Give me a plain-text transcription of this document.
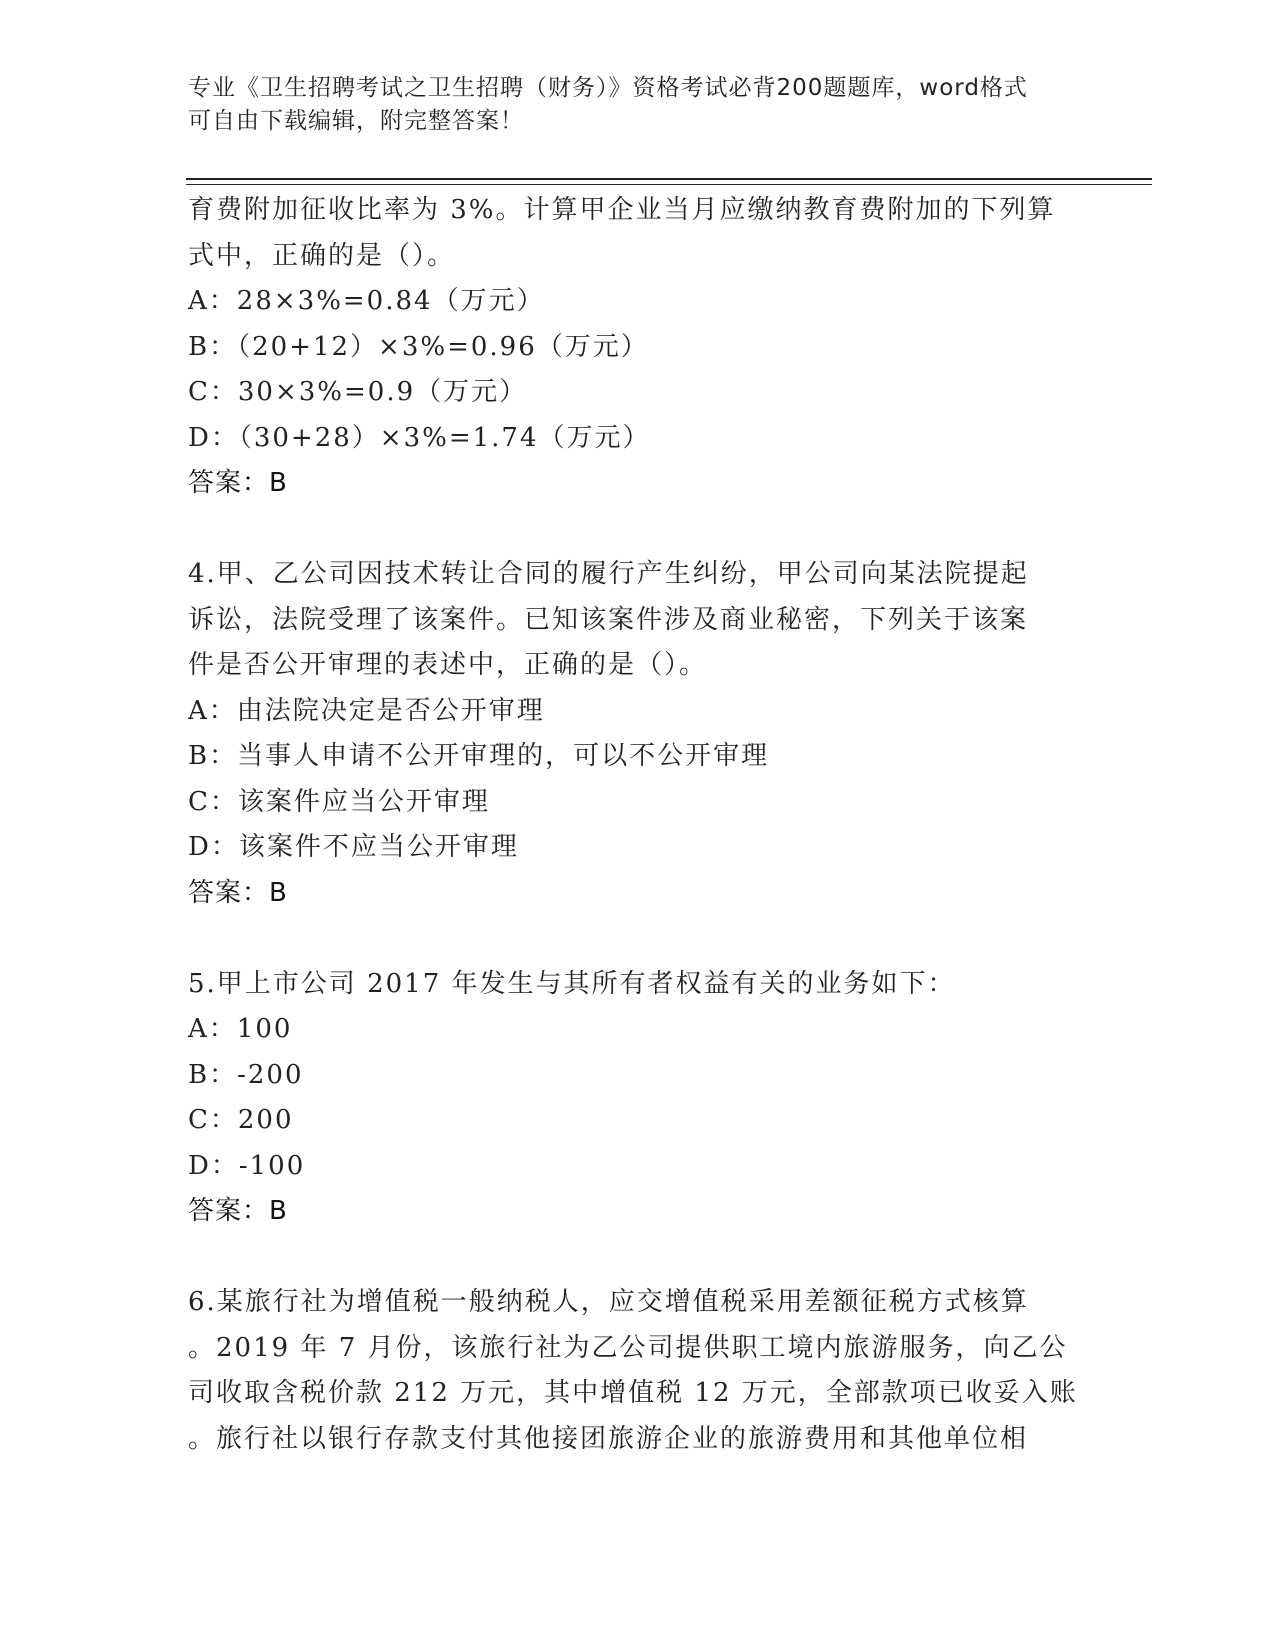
专业《卫生招聘考试之卫生招聘（财务）》资格考试必背200题题库，word格式
可自由下载编辑，附完整答案！
育费附加征收比率为 3%。计算甲企业当月应缴纳教育费附加的下列算
式中，正确的是（）。
A：28×3%=0.84（万元）
B：（20+12）×3%=0.96（万元）
C：30×3%=0.9（万元）
D：（30+28）×3%=1.74（万元）
答案：B
4.甲、乙公司因技术转让合同的履行产生纠纷，甲公司向某法院提起
诉讼，法院受理了该案件。已知该案件涉及商业秘密，下列关于该案
件是否公开审理的表述中，正确的是（）。
A：由法院决定是否公开审理
B：当事人申请不公开审理的，可以不公开审理
C：该案件应当公开审理
D：该案件不应当公开审理
答案：B
5.甲上市公司 2017 年发生与其所有者权益有关的业务如下：
A：100
B：-200
C：200
D：-100
答案：B
6.某旅行社为增值税一般纳税人，应交增值税采用差额征税方式核算
。2019 年 7 月份，该旅行社为乙公司提供职工境内旅游服务，向乙公
司收取含税价款 212 万元，其中增值税 12 万元，全部款项已收妥入账
。旅行社以银行存款支付其他接团旅游企业的旅游费用和其他单位相
